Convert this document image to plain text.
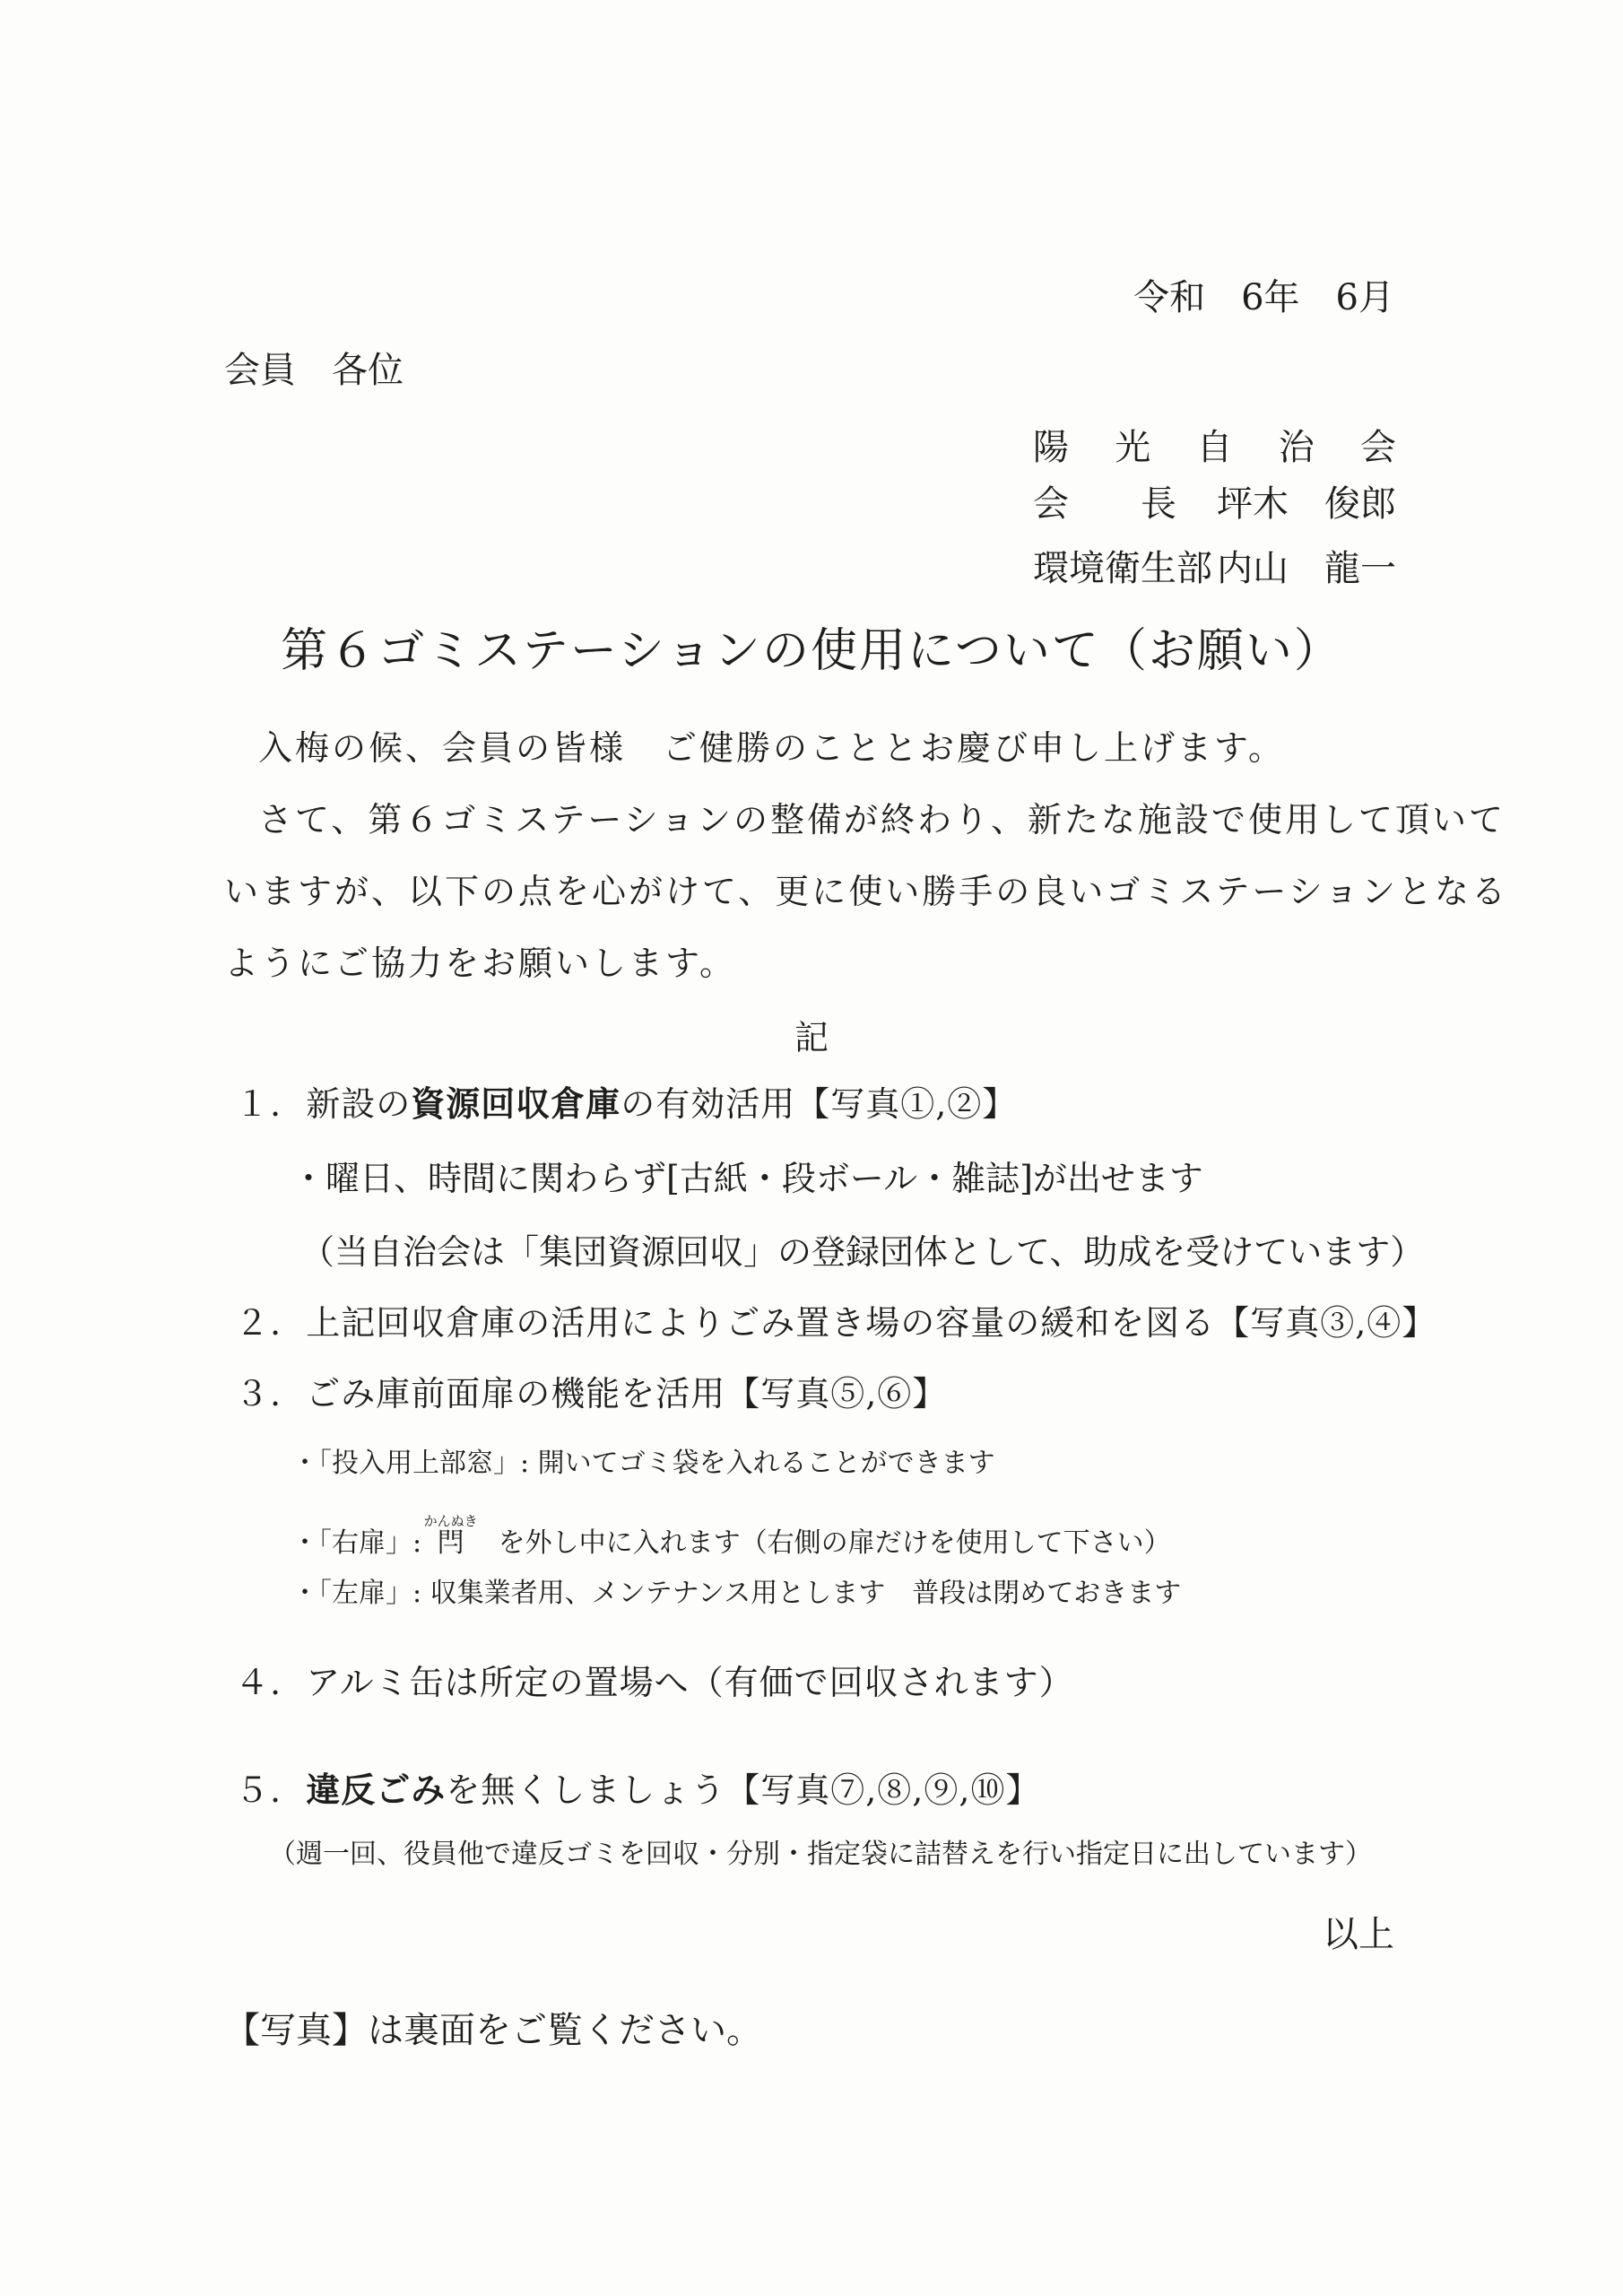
令和　6年　6月
会員　各位
陽 光 自 治 会
会 長 坪木　俊郎
環境衛生部 内山　龍一
第６ゴミステーションの使用について（お願い）
入梅の候、会員の皆様　ご健勝のこととお慶び申し上げます。
さて、第６ゴミステーションの整備が終わり、新たな施設で使用して頂いて
いますが、以下の点を心がけて、更に使い勝手の良いゴミステーションとなる
ようにご協力をお願いします。
記
１. 新設の資源回収倉庫の有効活用【写真①,②】
・曜日、時間に関わらず[古紙・段ボール・雑誌]が出せます
（当自治会は「集団資源回収」の登録団体として、助成を受けています）
２. 上記回収倉庫の活用によりごみ置き場の容量の緩和を図る【写真③,④】
３. ごみ庫前面扉の機能を活用【写真⑤,⑥】
・「投入用上部窓」: 開いてゴミ袋を入れることができます
・「右扉」: 閂かんぬき　を外し中に入れます（右側の扉だけを使用して下さい）
・「左扉」: 収集業者用、メンテナンス用とします　普段は閉めておきます
４. アルミ缶は所定の置場へ（有価で回収されます）
５. 違反ごみを無くしましょう【写真⑦,⑧,⑨,⑩】
（週一回、役員他で違反ゴミを回収・分別・指定袋に詰替えを行い指定日に出しています）
以上
【写真】は裏面をご覧ください。
